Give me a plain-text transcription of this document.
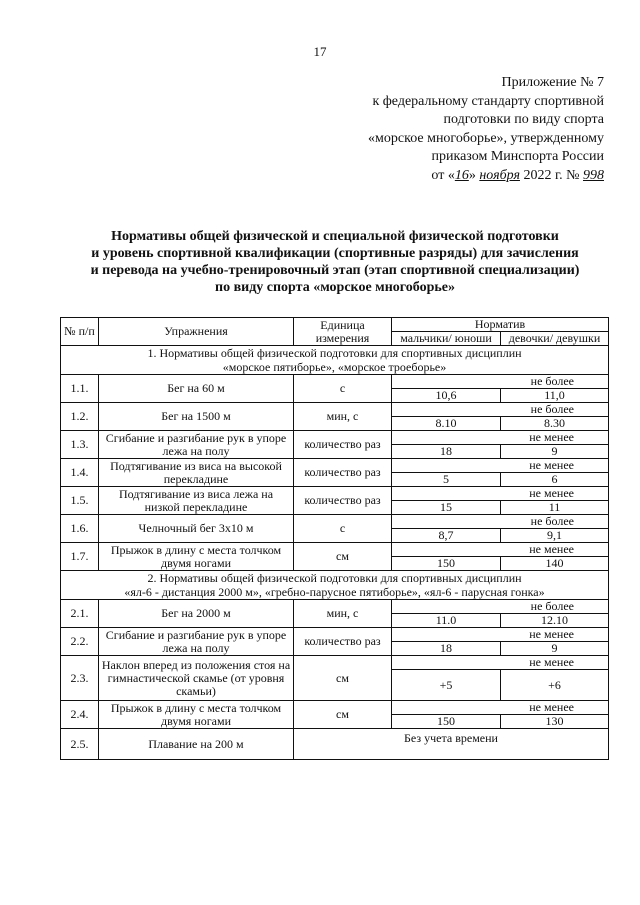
17
Приложение № 7
к федеральному стандарту спортивной
подготовки по виду спорта
«морское многоборье», утвержденному
приказом Минспорта России
от «16» ноября 2022 г. № 998
Нормативы общей физической и специальной физической подготовки
и уровень спортивной квалификации (спортивные разряды) для зачисления
и перевода на учебно-тренировочный этап (этап спортивной специализации)
по виду спорта «морское многоборье»
№ п/п	Упражнения	Единица измерения	Норматив	
			мальчики/ юноши	девочки/ девушки

1. Нормативы общей физической подготовки для спортивных дисциплин
«морское пятиборье», «морское троеборье»				

1.1.	Бег на 60 м	с	не более	
			10,6	11,0
1.2.	Бег на 1500 м	мин, с	не более	
			8.10	8.30
1.3.	Сгибание и разгибание рук в упоре лежа на полу	количество раз	не менее	
			18	9
1.4.	Подтягивание из виса на высокой перекладине	количество раз	не менее	
			5	6
1.5.	Подтягивание из виса лежа на низкой перекладине	количество раз	не менее	
			15	11
1.6.	Челночный бег 3х10 м	с	не более	
			8,7	9,1
1.7.	Прыжок в длину с места толчком двумя ногами	см	не менее	
			150	140

2. Нормативы общей физической подготовки для спортивных дисциплин
«ял-6 - дистанция 2000 м», «гребно-парусное пятиборье», «ял-6 - парусная гонка»				

2.1.	Бег на 2000 м	мин, с	не более	
			11.0	12.10
2.2.	Сгибание и разгибание рук в упоре лежа на полу	количество раз	не менее	
			18	9
2.3.	Наклон вперед из положения стоя на гимнастической скамье (от уровня скамьи)	см	не менее	
			+5	+6
2.4.	Прыжок в длину с места толчком двумя ногами	см	не менее	
			150	130
2.5.	Плавание на 200 м	Без учета времени		
